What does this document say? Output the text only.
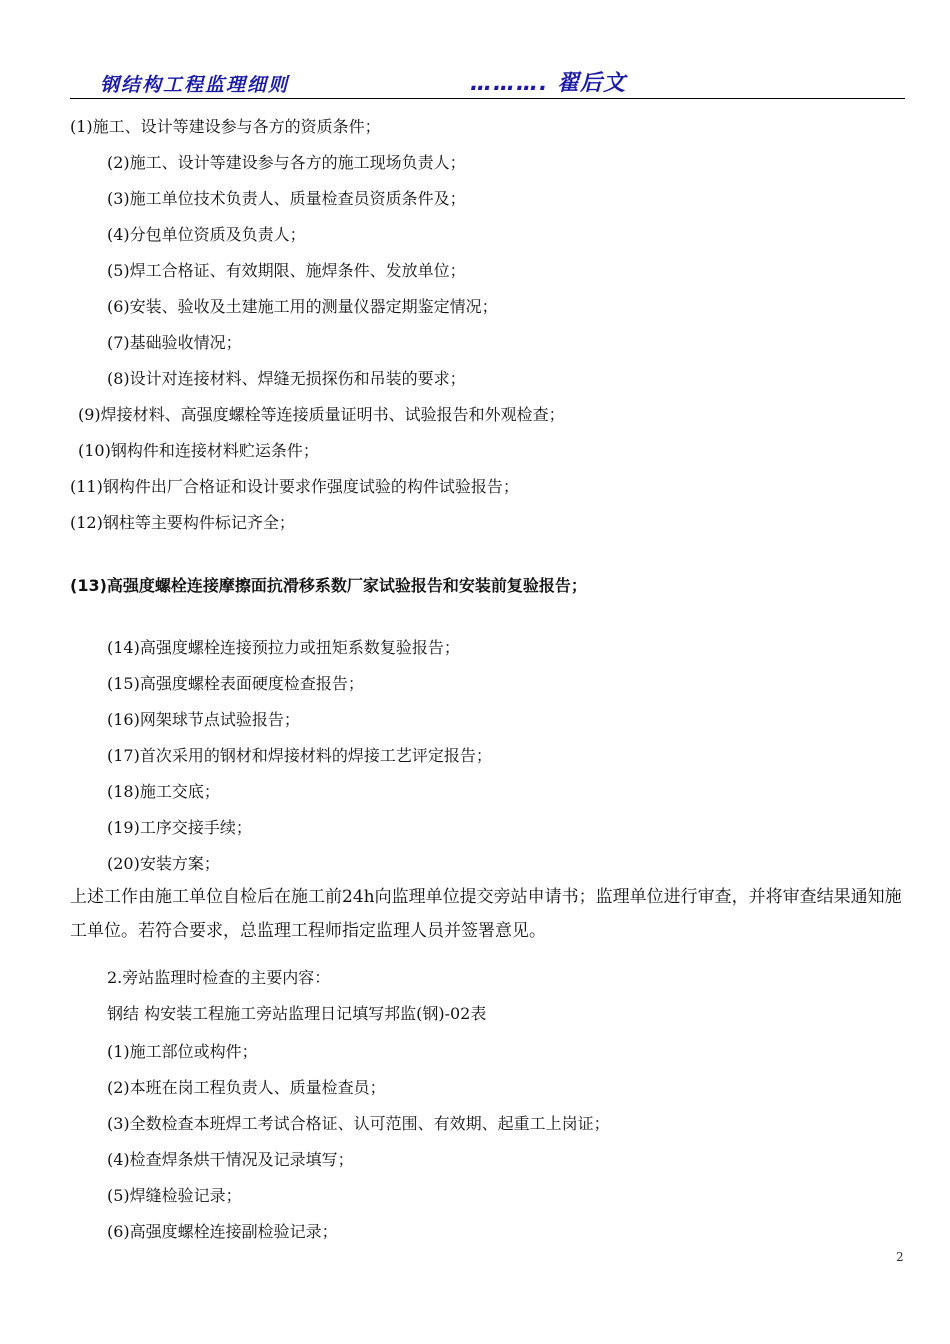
钢结构工程监理细则	………. 翟后文
(1)施工、设计等建设参与各方的资质条件；
(2)施工、设计等建设参与各方的施工现场负责人；
(3)施工单位技术负责人、质量检查员资质条件及；
(4)分包单位资质及负责人；
(5)焊工合格证、有效期限、施焊条件、发放单位；
(6)安装、验收及土建施工用的测量仪器定期鉴定情况；
(7)基础验收情况；
(8)设计对连接材料、焊缝无损探伤和吊装的要求；
(9)焊接材料、高强度螺栓等连接质量证明书、试验报告和外观检查；
(10)钢构件和连接材料贮运条件；
(11)钢构件出厂合格证和设计要求作强度试验的构件试验报告；
(12)钢柱等主要构件标记齐全；
(13)高强度螺栓连接摩擦面抗滑移系数厂家试验报告和安装前复验报告；
(14)高强度螺栓连接预拉力或扭矩系数复验报告；
(15)高强度螺栓表面硬度检查报告；
(16)网架球节点试验报告；
(17)首次采用的钢材和焊接材料的焊接工艺评定报告；
(18)施工交底；
(19)工序交接手续；
(20)安装方案；
上述工作由施工单位自检后在施工前24h向监理单位提交旁站申请书；监理单位进行审查，并将审查结果通知施工单位。若符合要求，总监理工程师指定监理人员并签署意见。
2.旁站监理时检查的主要内容：
钢结 构安装工程施工旁站监理日记填写邦监(钢)-02表
(1)施工部位或构件；
(2)本班在岗工程负责人、质量检查员；
(3)全数检查本班焊工考试合格证、认可范围、有效期、起重工上岗证；
(4)检查焊条烘干情况及记录填写；
(5)焊缝检验记录；
(6)高强度螺栓连接副检验记录；
2
